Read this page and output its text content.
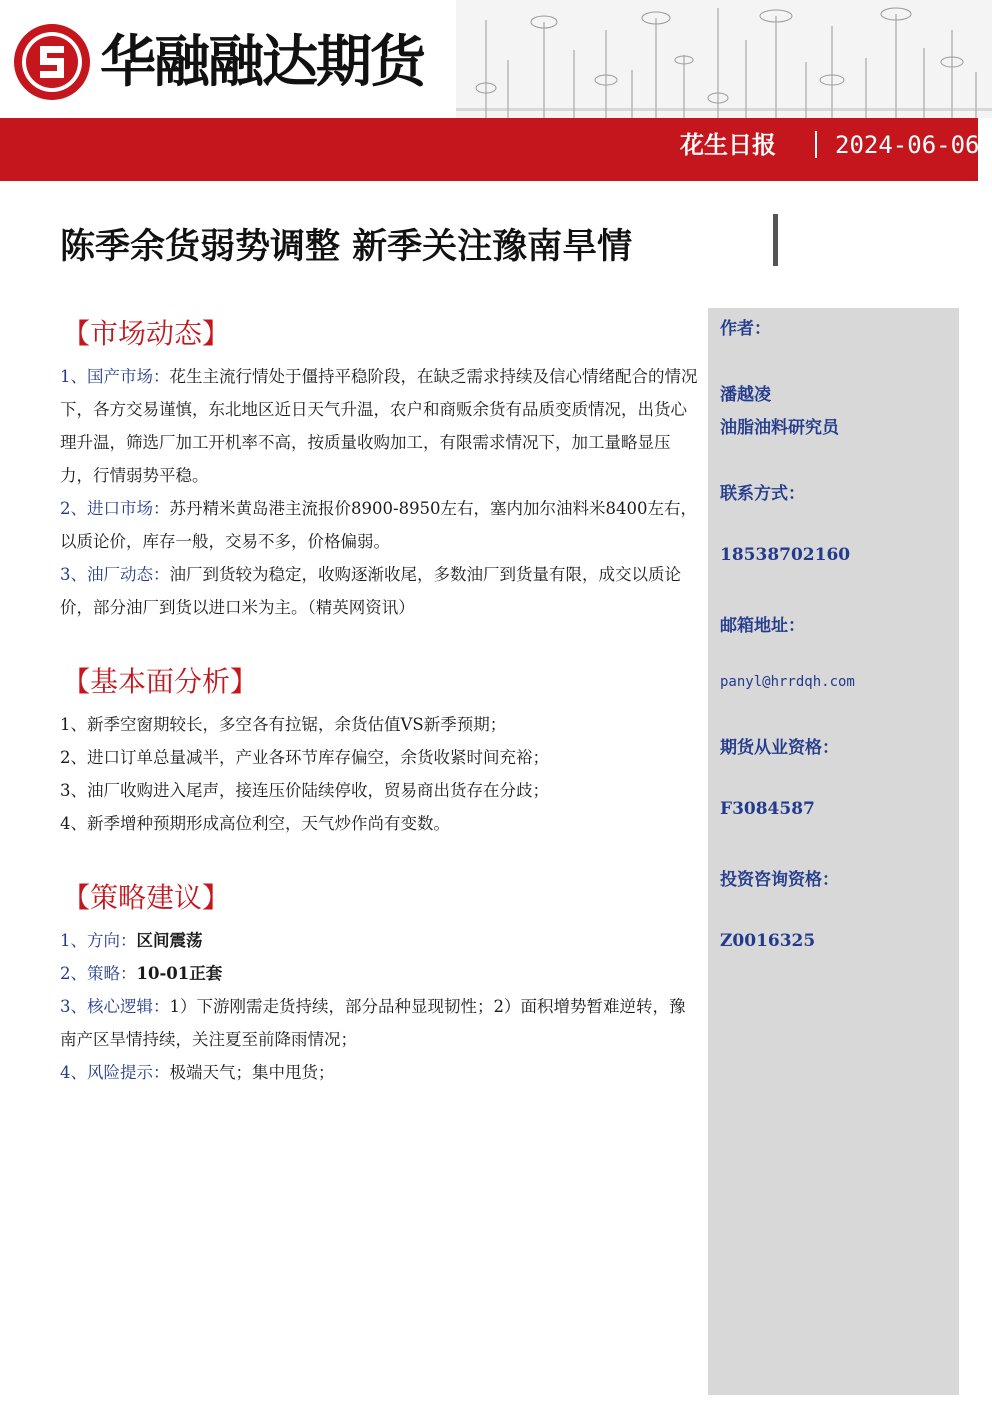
华融融达期货
花生日报 2024-06-06
陈季余货弱势调整 新季关注豫南旱情
作者：
潘越凌
油脂油料研究员
联系方式：
18538702160
邮箱地址：
panyl@hrrdqh.com
期货从业资格：
F3084587
投资咨询资格：
Z0016325
【市场动态】
1、国产市场：花生主流行情处于僵持平稳阶段，在缺乏需求持续及信心情绪配合的情况下，各方交易谨慎，东北地区近日天气升温，农户和商贩余货有品质变质情况，出货心理升温，筛选厂加工开机率不高，按质量收购加工，有限需求情况下，加工量略显压力，行情弱势平稳。
2、进口市场：苏丹精米黄岛港主流报价8900-8950左右，塞内加尔油料米8400左右，以质论价，库存一般，交易不多，价格偏弱。
3、油厂动态：油厂到货较为稳定，收购逐渐收尾，多数油厂到货量有限，成交以质论价，部分油厂到货以进口米为主。（精英网资讯）
【基本面分析】
1、新季空窗期较长，多空各有拉锯，余货估值VS新季预期；
2、进口订单总量减半，产业各环节库存偏空，余货收紧时间充裕；
3、油厂收购进入尾声，接连压价陆续停收，贸易商出货存在分歧；
4、新季增种预期形成高位利空，天气炒作尚有变数。
【策略建议】
1、方向：区间震荡
2、策略：10-01正套
3、核心逻辑：1）下游刚需走货持续，部分品种显现韧性；2）面积增势暂难逆转，豫南产区旱情持续，关注夏至前降雨情况；
4、风险提示：极端天气；集中甩货；
